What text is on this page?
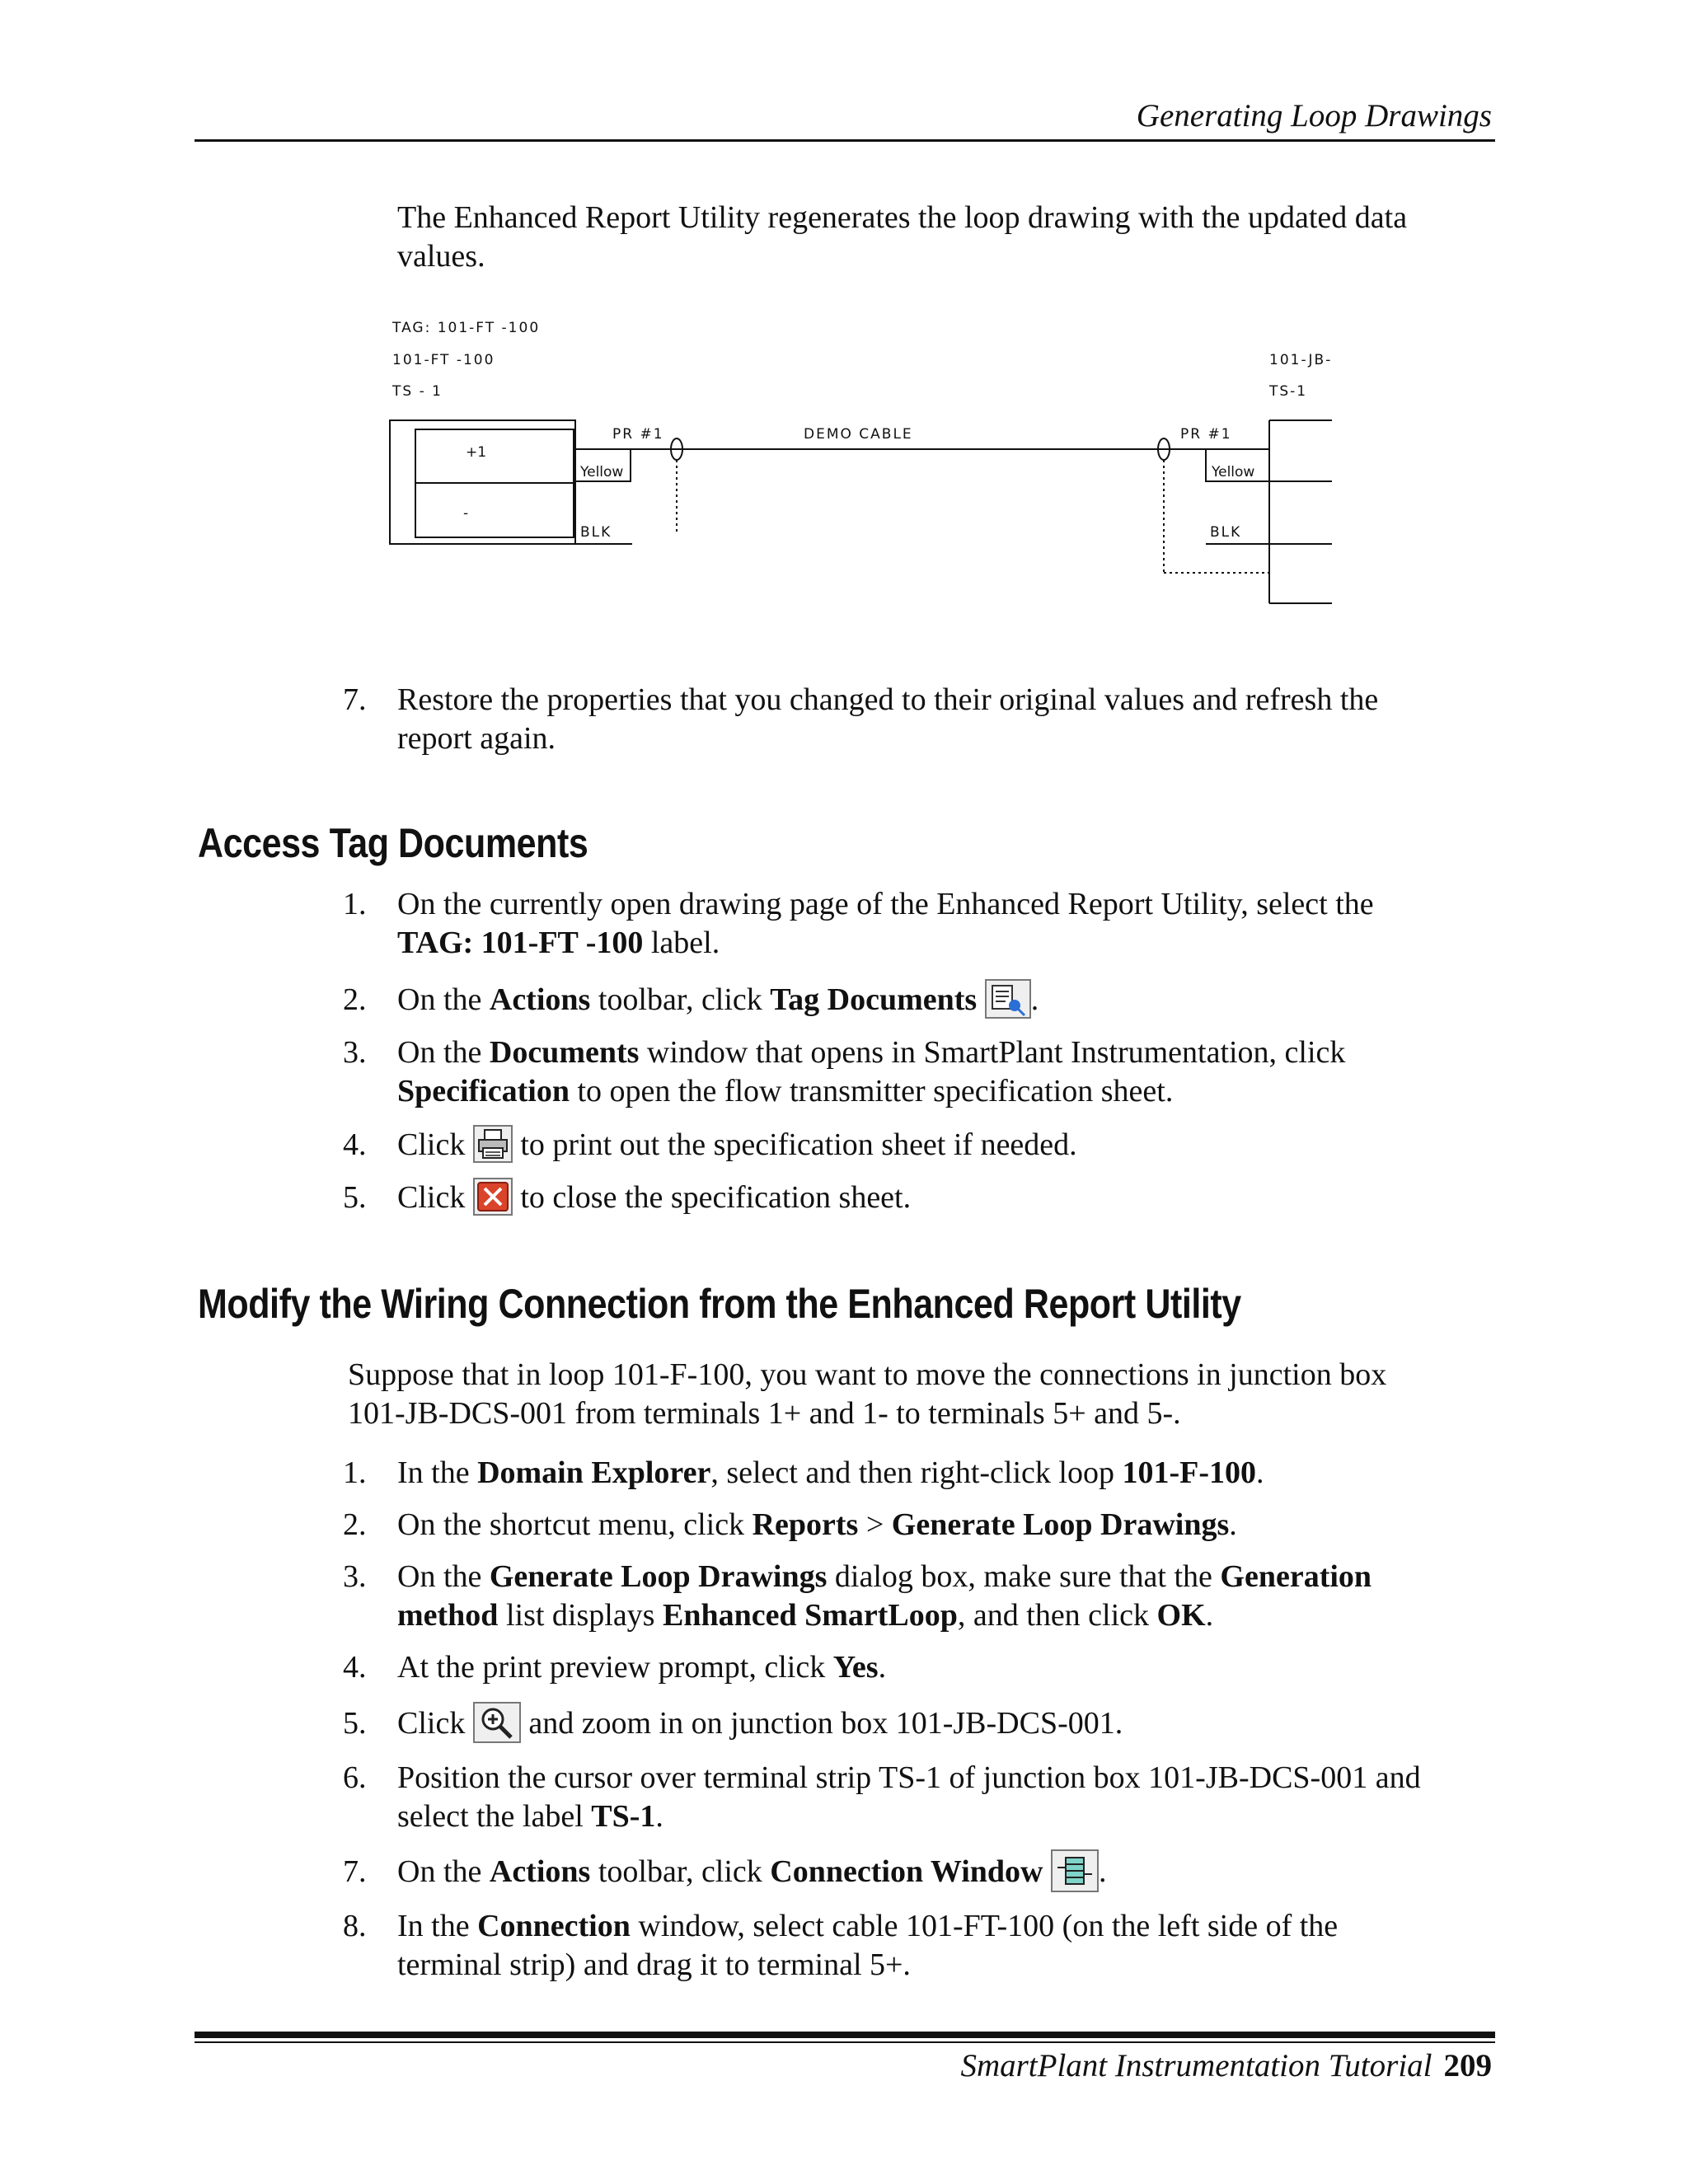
Generating Loop Drawings
The Enhanced Report Utility regenerates the loop drawing with the updated data values.
TAG: 101-FT -100
101-FT -100
TS - 1
101-JB-
TS-1
PR #1	DEMO CABLE	PR #1
+1
-
Yellow	Yellow
BLK	BLK
7. Restore the properties that you changed to their original values and refresh the
report again.
Access Tag Documents
1. On the currently open drawing page of the Enhanced Report Utility, select the
TAG: 101-FT -100 label.
2. On the Actions toolbar, click Tag Documents .
3. On the Documents window that opens in SmartPlant Instrumentation, click
Specification to open the flow transmitter specification sheet.
4. Click to print out the specification sheet if needed.
5. Click to close the specification sheet.
Modify the Wiring Connection from the Enhanced Report Utility
Suppose that in loop 101-F-100, you want to move the connections in junction box
101-JB-DCS-001 from terminals 1+ and 1- to terminals 5+ and 5-.
1. In the Domain Explorer, select and then right-click loop 101-F-100.
2. On the shortcut menu, click Reports > Generate Loop Drawings.
3. On the Generate Loop Drawings dialog box, make sure that the Generation
method list displays Enhanced SmartLoop, and then click OK.
4. At the print preview prompt, click Yes.
5. Click and zoom in on junction box 101-JB-DCS-001.
6. Position the cursor over terminal strip TS-1 of junction box 101-JB-DCS-001 and
select the label TS-1.
7. On the Actions toolbar, click Connection Window .
8. In the Connection window, select cable 101-FT-100 (on the left side of the
terminal strip) and drag it to terminal 5+.
SmartPlant Instrumentation Tutorial 209
